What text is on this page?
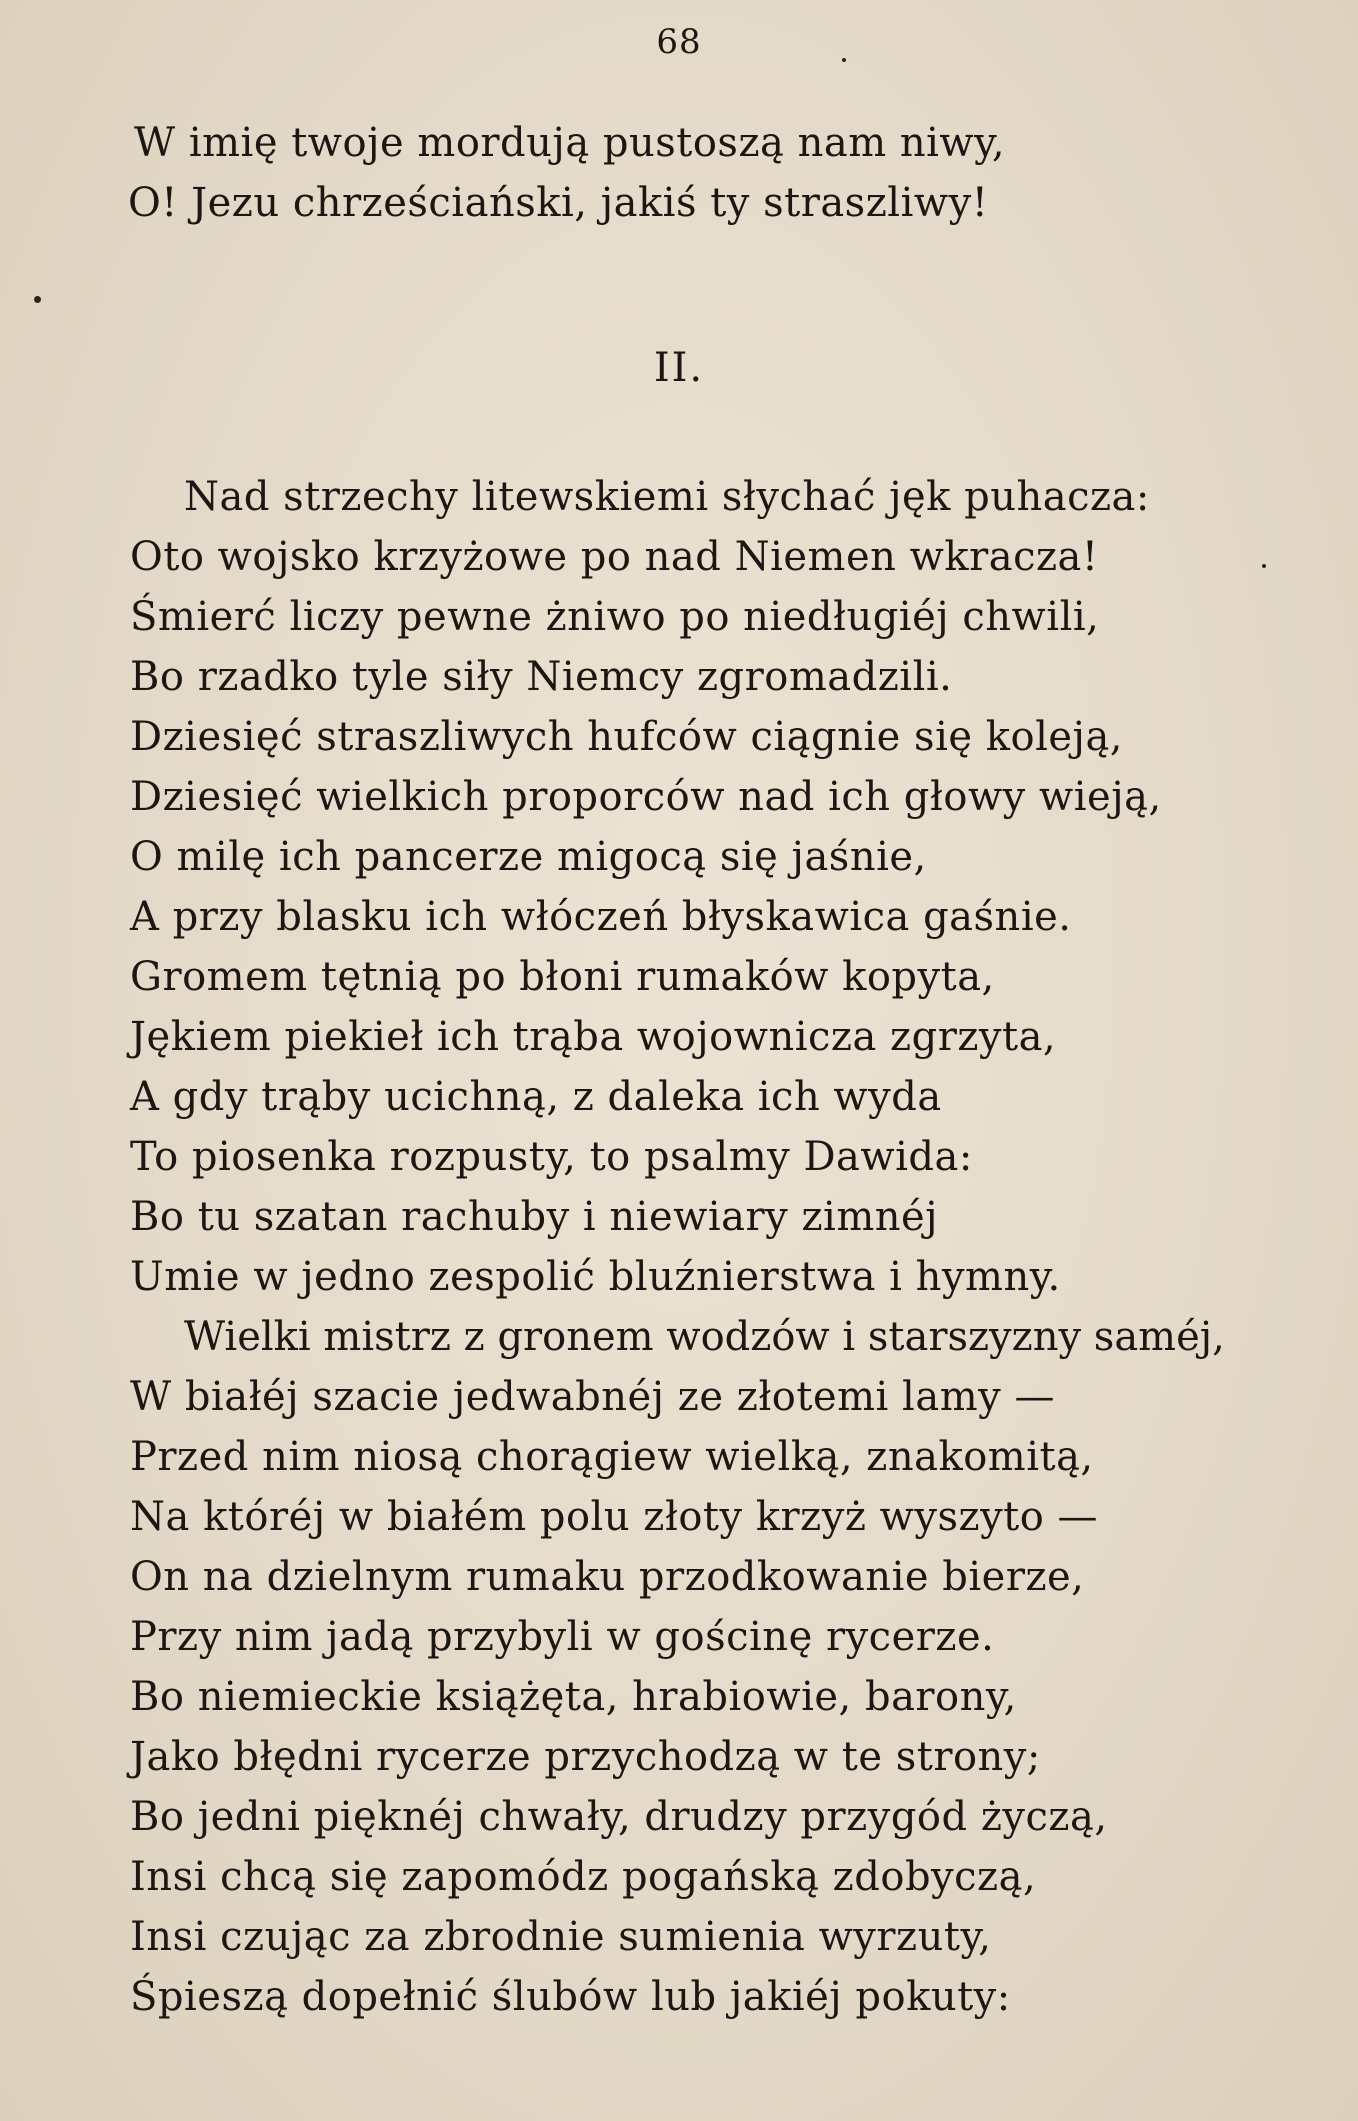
68
W imię twoje mordują pustoszą nam niwy,
O! Jezu chrześciański, jakiś ty straszliwy!
II.
Nad strzechy litewskiemi słychać jęk puhacza:
Oto wojsko krzyżowe po nad Niemen wkracza!
Śmierć liczy pewne żniwo po niedługiéj chwili,
Bo rzadko tyle siły Niemcy zgromadzili.
Dziesięć straszliwych hufców ciągnie się koleją,
Dziesięć wielkich proporców nad ich głowy wieją,
O milę ich pancerze migocą się jaśnie,
A przy blasku ich włóczeń błyskawica gaśnie.
Gromem tętnią po błoni rumaków kopyta,
Jękiem piekieł ich trąba wojownicza zgrzyta,
A gdy trąby ucichną, z daleka ich wyda
To piosenka rozpusty, to psalmy Dawida:
Bo tu szatan rachuby i niewiary zimnéj
Umie w jedno zespolić bluźnierstwa i hymny.
Wielki mistrz z gronem wodzów i starszyzny saméj,
W białéj szacie jedwabnéj ze złotemi lamy —
Przed nim niosą chorągiew wielką, znakomitą,
Na któréj w białém polu złoty krzyż wyszyto —
On na dzielnym rumaku przodkowanie bierze,
Przy nim jadą przybyli w gościnę rycerze.
Bo niemieckie książęta, hrabiowie, barony,
Jako błędni rycerze przychodzą w te strony;
Bo jedni pięknéj chwały, drudzy przygód życzą,
Insi chcą się zapomódz pogańską zdobyczą,
Insi czując za zbrodnie sumienia wyrzuty,
Śpieszą dopełnić ślubów lub jakiéj pokuty:
